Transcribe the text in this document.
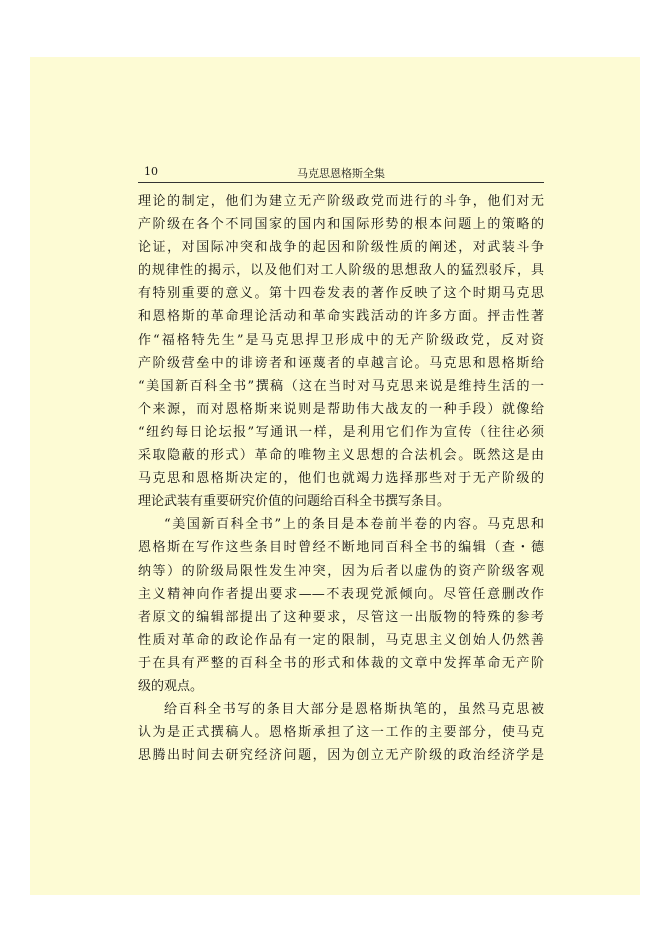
10	马克思恩格斯全集
理论的制定，他们为建立无产阶级政党而进行的斗争，他们对无
产阶级在各个不同国家的国内和国际形势的根本问题上的策略的
论证，对国际冲突和战争的起因和阶级性质的阐述，对武装斗争
的规律性的揭示，以及他们对工人阶级的思想敌人的猛烈驳斥，具
有特别重要的意义。第十四卷发表的著作反映了这个时期马克思
和恩格斯的革命理论活动和革命实践活动的许多方面。抨击性著
作“福格特先生”是马克思捍卫形成中的无产阶级政党，反对资
产阶级营垒中的诽谤者和诬蔑者的卓越言论。马克思和恩格斯给
“美国新百科全书”撰稿（这在当时对马克思来说是维持生活的一
个来源，而对恩格斯来说则是帮助伟大战友的一种手段）就像给
“纽约每日论坛报”写通讯一样，是利用它们作为宣传（往往必须
采取隐蔽的形式）革命的唯物主义思想的合法机会。既然这是由
马克思和恩格斯决定的，他们也就竭力选择那些对于无产阶级的
理论武装有重要研究价值的问题给百科全书撰写条目。
“美国新百科全书”上的条目是本卷前半卷的内容。马克思和
恩格斯在写作这些条目时曾经不断地同百科全书的编辑（查・德
纳等）的阶级局限性发生冲突，因为后者以虚伪的资产阶级客观
主义精神向作者提出要求——不表现党派倾向。尽管任意删改作
者原文的编辑部提出了这种要求，尽管这一出版物的特殊的参考
性质对革命的政论作品有一定的限制，马克思主义创始人仍然善
于在具有严整的百科全书的形式和体裁的文章中发挥革命无产阶
级的观点。
给百科全书写的条目大部分是恩格斯执笔的，虽然马克思被
认为是正式撰稿人。恩格斯承担了这一工作的主要部分，使马克
思腾出时间去研究经济问题，因为创立无产阶级的政治经济学是
